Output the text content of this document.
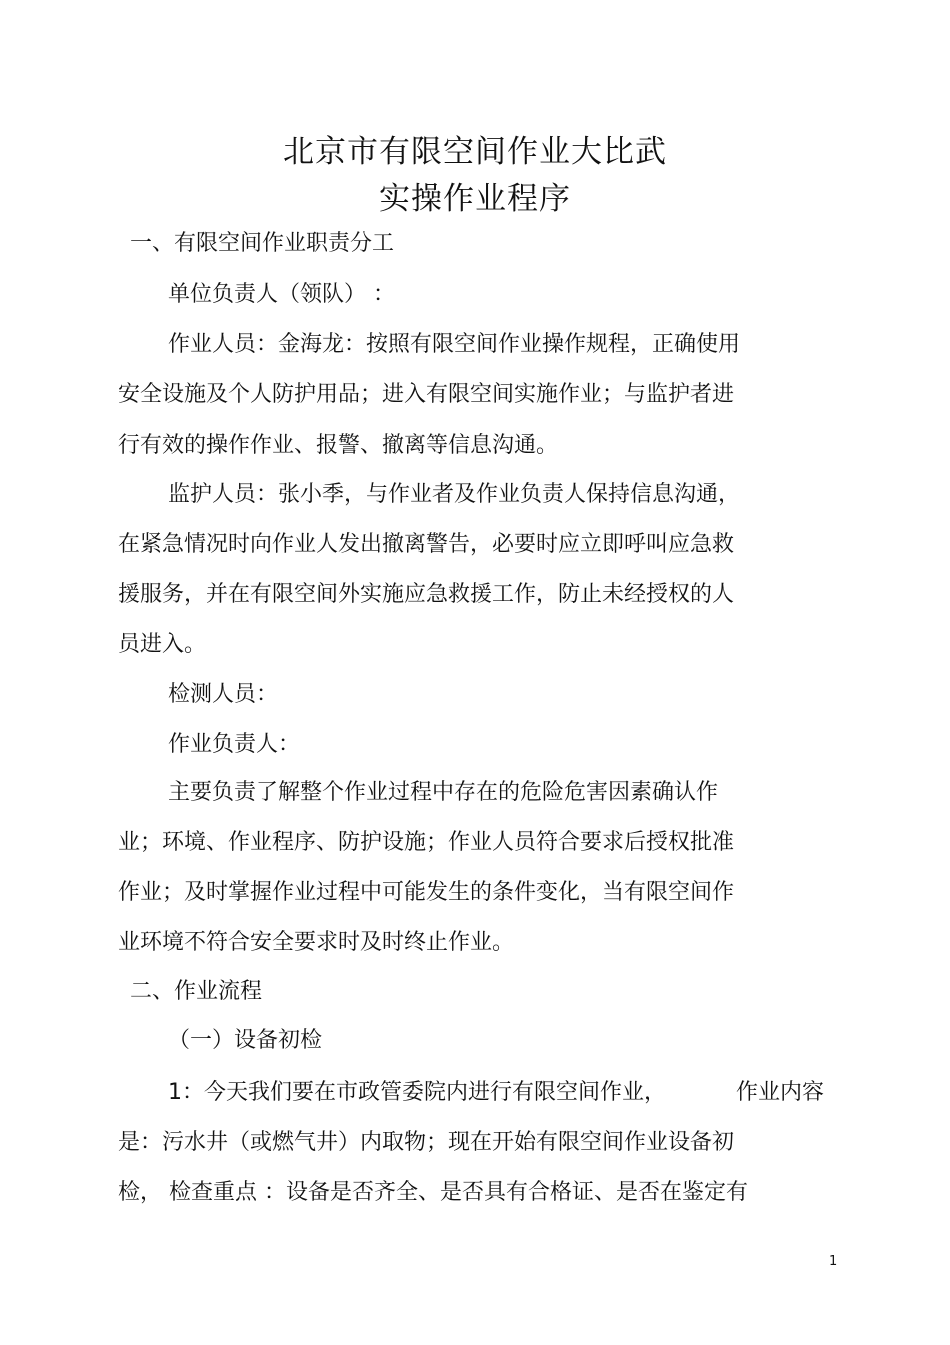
北京市有限空间作业大比武
实操作业程序
一、有限空间作业职责分工
单位负责人（领队） ：
作业人员：金海龙：按照有限空间作业操作规程，正确使用
安全设施及个人防护用品；进入有限空间实施作业；与监护者进
行有效的操作作业、报警、撤离等信息沟通。
监护人员：张小季，与作业者及作业负责人保持信息沟通，
在紧急情况时向作业人发出撤离警告，必要时应立即呼叫应急救
援服务，并在有限空间外实施应急救援工作，防止未经授权的人
员进入。
检测人员：
作业负责人：
主要负责了解整个作业过程中存在的危险危害因素确认作
业；环境、作业程序、防护设施；作业人员符合要求后授权批准
作业；及时掌握作业过程中可能发生的条件变化，当有限空间作
业环境不符合安全要求时及时终止作业。
二、作业流程
（一）设备初检
1：今天我们要在市政管委院内进行有限空间作业，	作业内容
是：污水井（或燃气井）内取物；现在开始有限空间作业设备初
检， 检查重点 ：设备是否齐全、是否具有合格证、是否在鉴定有
1
